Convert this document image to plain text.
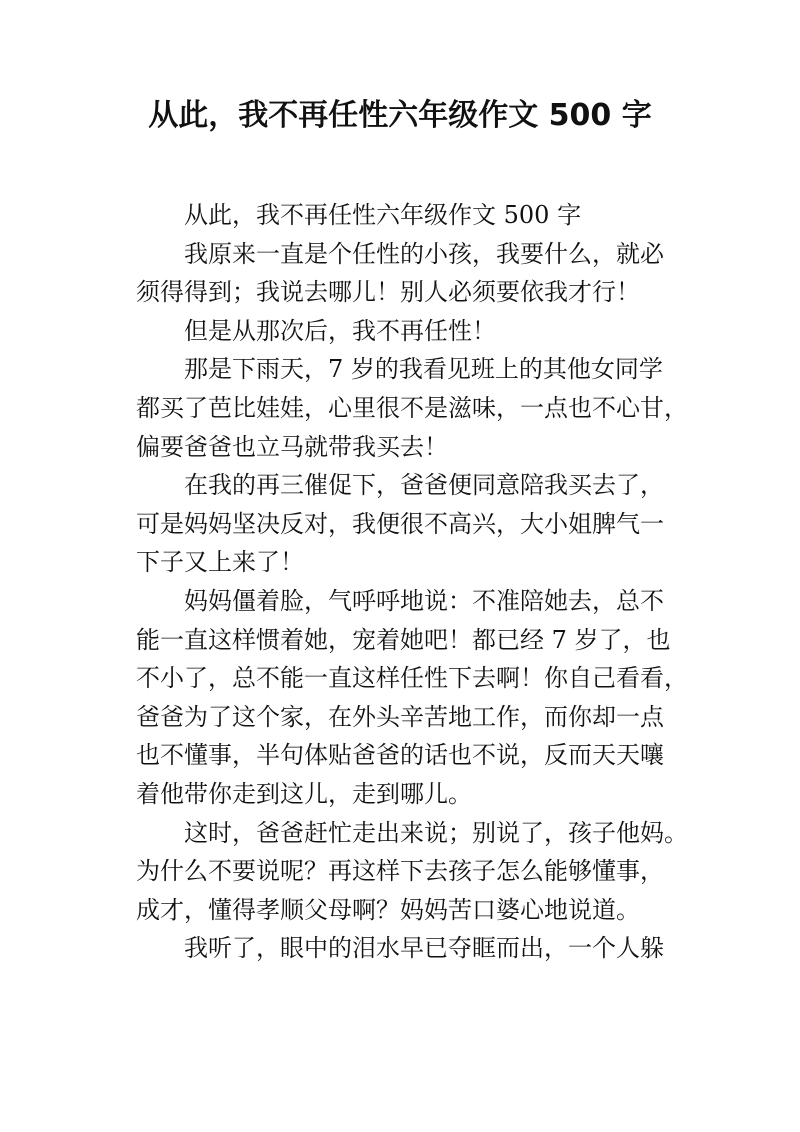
从此，我不再任性六年级作文 500 字
从此，我不再任性六年级作文 500 字
我原来一直是个任性的小孩，我要什么，就必
须得得到；我说去哪儿！别人必须要依我才行！
但是从那次后，我不再任性！
那是下雨天，7 岁的我看见班上的其他女同学
都买了芭比娃娃，心里很不是滋味，一点也不心甘，
偏要爸爸也立马就带我买去！
在我的再三催促下，爸爸便同意陪我买去了，
可是妈妈坚决反对，我便很不高兴，大小姐脾气一
下子又上来了！
妈妈僵着脸，气呼呼地说：不准陪她去，总不
能一直这样惯着她，宠着她吧！都已经 7 岁了，也
不小了，总不能一直这样任性下去啊！你自己看看，
爸爸为了这个家，在外头辛苦地工作，而你却一点
也不懂事，半句体贴爸爸的话也不说，反而天天嚷
着他带你走到这儿，走到哪儿。
这时，爸爸赶忙走出来说；别说了，孩子他妈。
为什么不要说呢？再这样下去孩子怎么能够懂事，
成才，懂得孝顺父母啊？妈妈苦口婆心地说道。
我听了，眼中的泪水早已夺眶而出，一个人躲
